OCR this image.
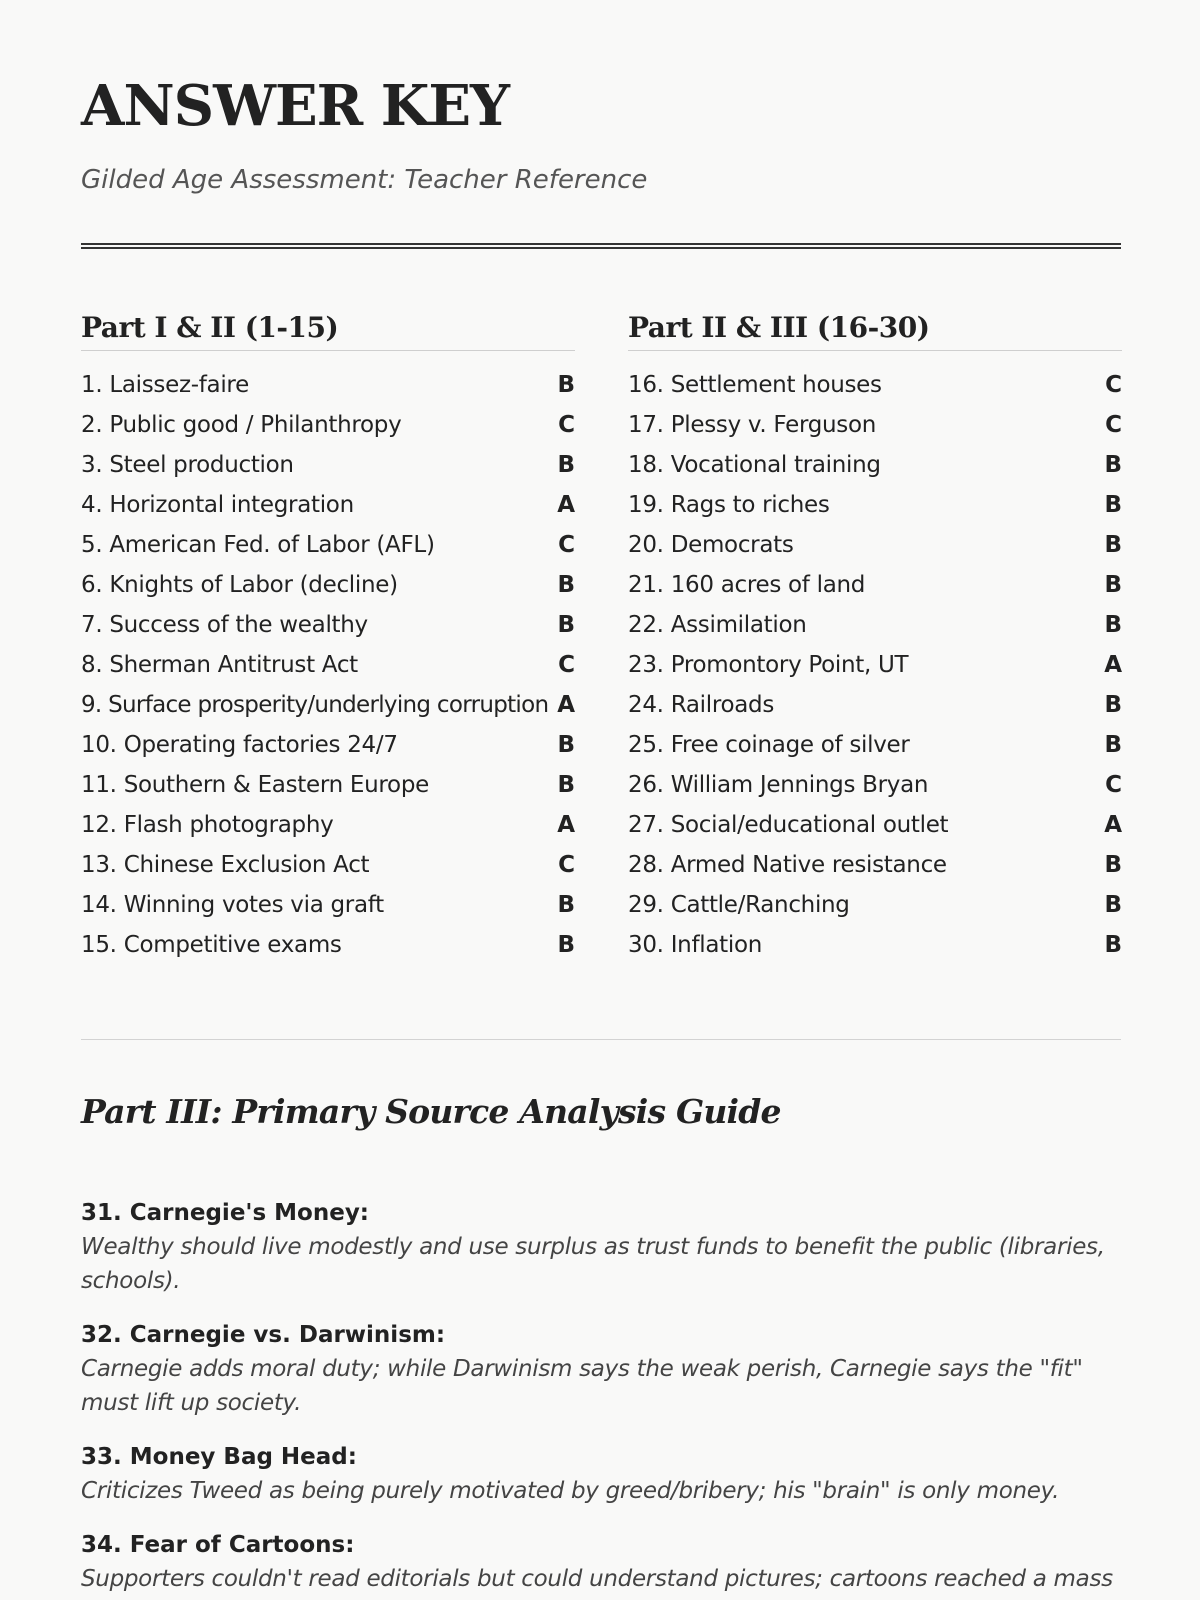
ANSWER KEY
Gilded Age Assessment: Teacher Reference
Part I & II (1-15)
1. Laissez-faire	B
2. Public good / Philanthropy	C
3. Steel production	B
4. Horizontal integration	A
5. American Fed. of Labor (AFL)	C
6. Knights of Labor (decline)	B
7. Success of the wealthy	B
8. Sherman Antitrust Act	C
9. Surface prosperity/underlying corruption A
10. Operating factories 24/7	B
11. Southern & Eastern Europe	B
12. Flash photography	A
13. Chinese Exclusion Act	C
14. Winning votes via graft	B
15. Competitive exams	B
Part II & III (16-30)
16. Settlement houses	C
17. Plessy v. Ferguson	C
18. Vocational training	B
19. Rags to riches	B
20. Democrats	B
21. 160 acres of land	B
22. Assimilation	B
23. Promontory Point, UT	A
24. Railroads	B
25. Free coinage of silver	B
26. William Jennings Bryan	C
27. Social/educational outlet	A
28. Armed Native resistance	B
29. Cattle/Ranching	B
30. Inflation	B
Part III: Primary Source Analysis Guide
31. Carnegie's Money:
Wealthy should live modestly and use surplus as trust funds to benefit the public (libraries, schools).
32. Carnegie vs. Darwinism:
Carnegie adds moral duty; while Darwinism says the weak perish, Carnegie says the "fit" must lift up society.
33. Money Bag Head:
Criticizes Tweed as being purely motivated by greed/bribery; his "brain" is only money.
34. Fear of Cartoons:
Supporters couldn't read editorials but could understand pictures; cartoons reached a mass
